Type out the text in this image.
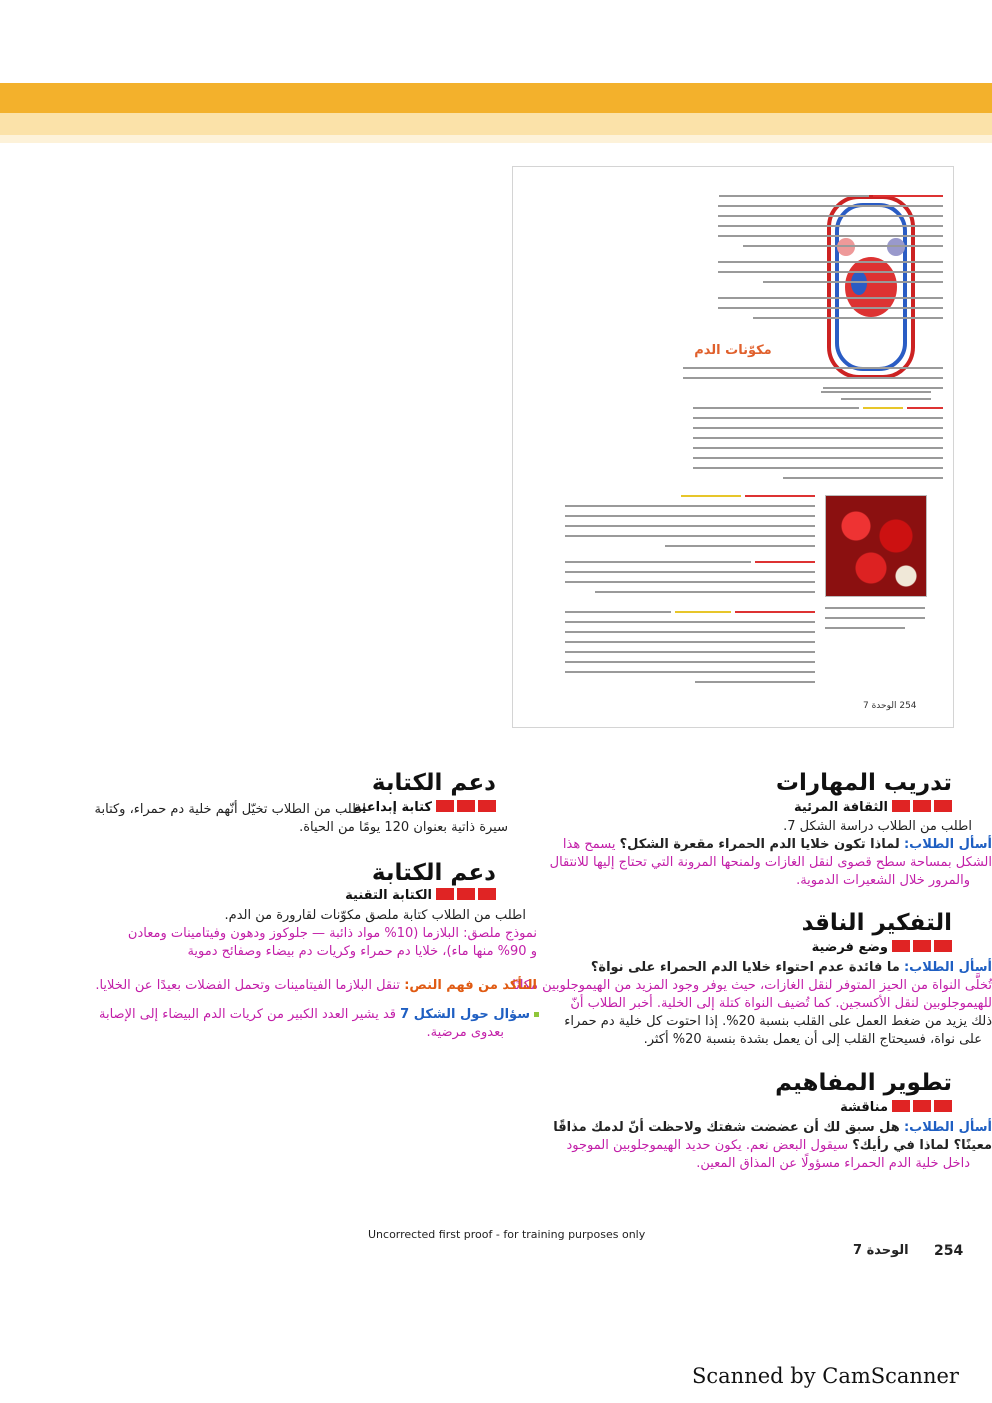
مكوّنات الدم
254 الوحدة 7
تدريب المهارات
الثقافة المرئية
اطلب من الطلاب دراسة الشكل 7.
أسأل الطلاب: لماذا تكون خلايا الدم الحمراء مقعرة الشكل؟ يسمح هذا
الشكل بمساحة سطح قصوى لنقل الغازات ولمنحها المرونة التي تحتاج إليها للانتقال
والمرور خلال الشعيرات الدموية.
التفكير الناقد
وضع فرضية
أسأل الطلاب: ما فائدة عدم احتواء خلايا الدم الحمراء على نواة؟
تُخلَّى النواة من الحيز المتوفر لنقل الغازات، حيث يوفر وجود المزيد من الهيموجلوبين مكانًا
للهيموجلوبين لنقل الأكسجين. كما تُضيف النواة كتلة إلى الخلية. أخبر الطلاب أنّ
ذلك يزيد من ضغط العمل على القلب بنسبة 20%. إذا احتوت كل خلية دم حمراء
على نواة، فسيحتاج القلب إلى أن يعمل بشدة بنسبة 20% أكثر.
تطوير المفاهيم
مناقشة
أسأل الطلاب: هل سبق لك أن عضضت شفتك ولاحظت أنّ لدمك مذاقًا
معينًا؟ لماذا في رأيك؟ سيقول البعض نعم. يكون حديد الهيموجلوبين الموجود
داخل خلية الدم الحمراء مسؤولًا عن المذاق المعين.
دعم الكتابة
كتابة إبداعية
اطلب من الطلاب تخيّل أنّهم خلية دم حمراء، وكتابة
سيرة ذاتية بعنوان 120 يومًا من الحياة.
دعم الكتابة
الكتابة التقنية
اطلب من الطلاب كتابة ملصق مكوّنات لقارورة من الدم.
نموذج ملصق: البلازما (10% مواد ذائبة — جلوكوز ودهون وفيتامينات ومعادن
و 90% منها ماء)، خلايا دم حمراء وكريات دم بيضاء وصفائح دموية
التأكد من فهم النص: تنقل البلازما الفيتامينات وتحمل الفضلات بعيدًا عن الخلايا.
سؤال حول الشكل 7 قد يشير العدد الكبير من كريات الدم البيضاء إلى الإصابة
بعدوى مرضية.
Uncorrected first proof - for training purposes only
254
الوحدة 7
Scanned by CamScanner
